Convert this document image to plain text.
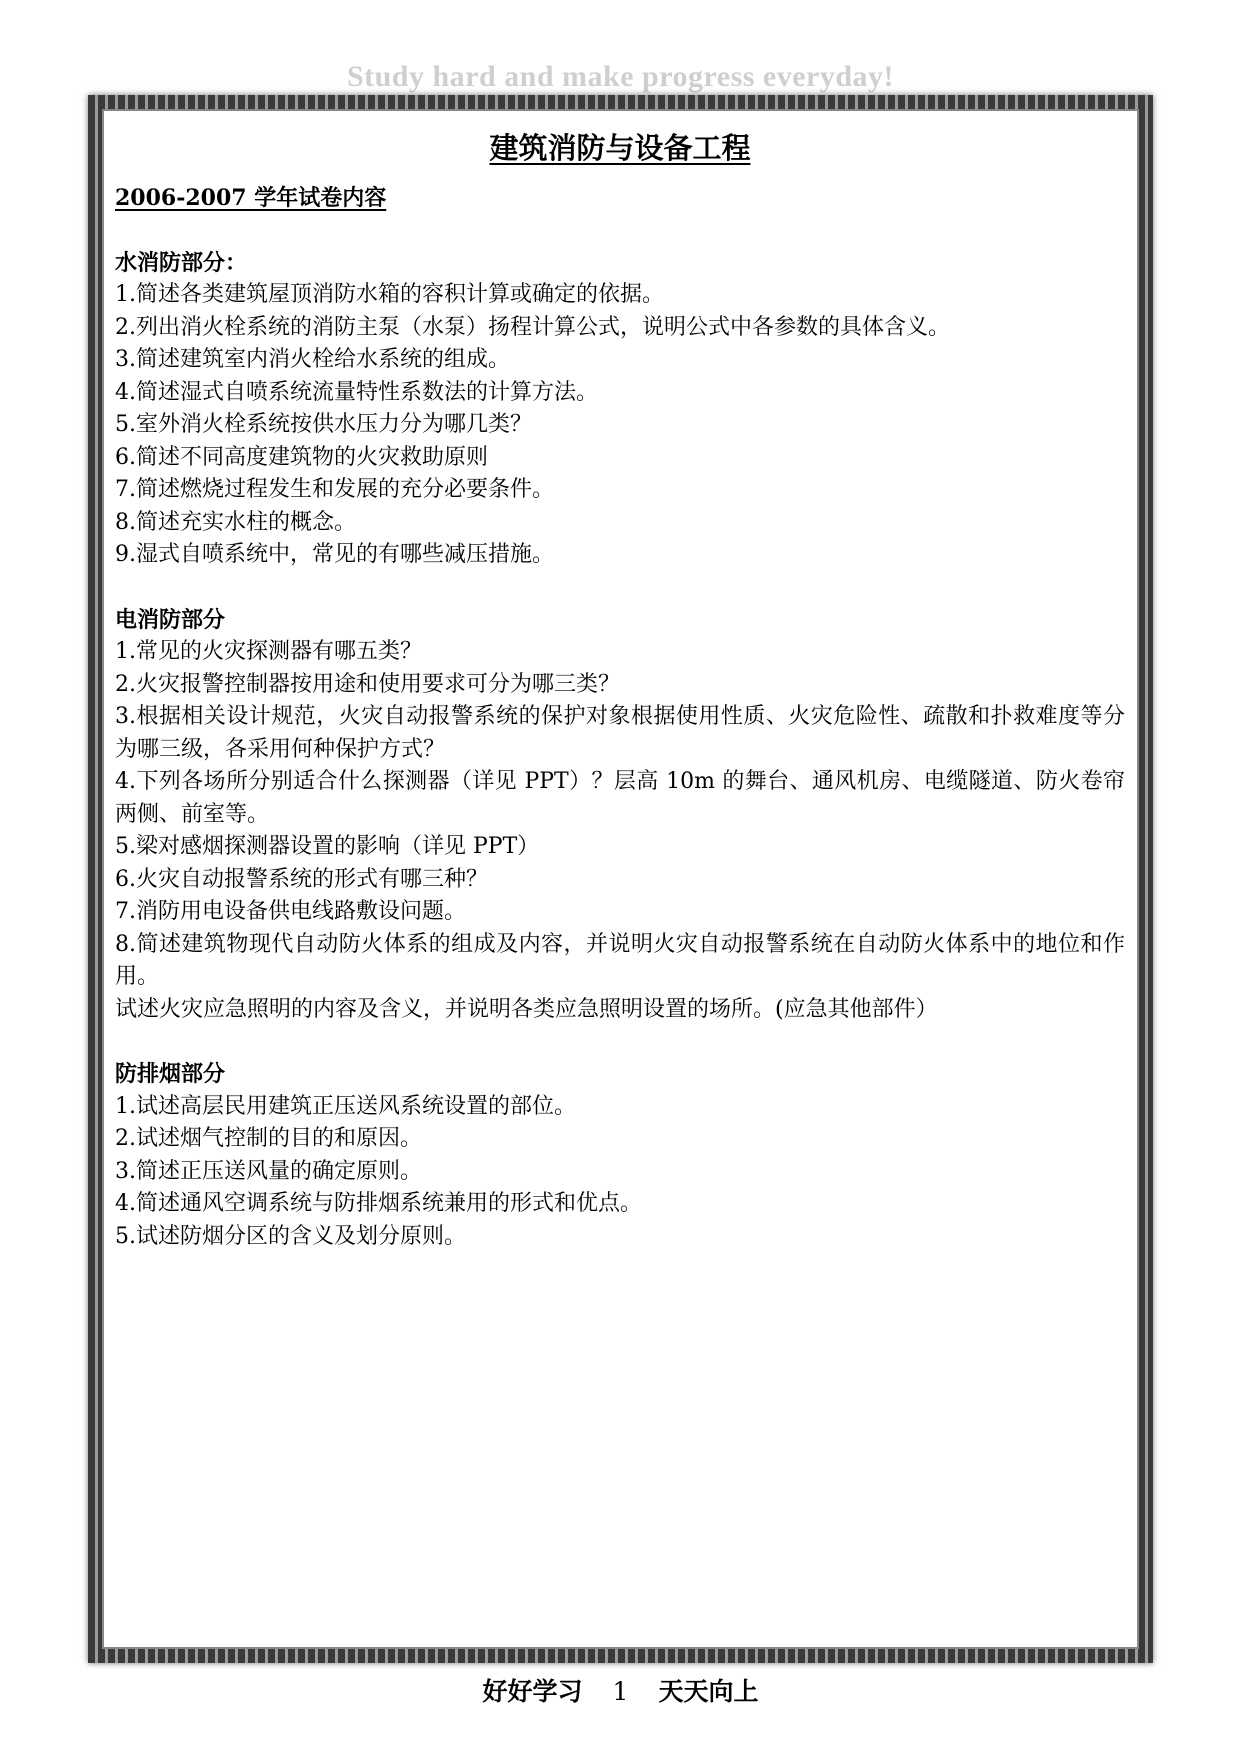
Study hard and make progress everyday!
建筑消防与设备工程
2006-2007 学年试卷内容
水消防部分：
1.简述各类建筑屋顶消防水箱的容积计算或确定的依据。
2.列出消火栓系统的消防主泵（水泵）扬程计算公式，说明公式中各参数的具体含义。
3.简述建筑室内消火栓给水系统的组成。
4.简述湿式自喷系统流量特性系数法的计算方法。
5.室外消火栓系统按供水压力分为哪几类？
6.简述不同高度建筑物的火灾救助原则
7.简述燃烧过程发生和发展的充分必要条件。
8.简述充实水柱的概念。
9.湿式自喷系统中，常见的有哪些减压措施。
电消防部分
1.常见的火灾探测器有哪五类？
2.火灾报警控制器按用途和使用要求可分为哪三类？
3.根据相关设计规范，火灾自动报警系统的保护对象根据使用性质、火灾危险性、疏散和扑救难度等分为哪三级，各采用何种保护方式？
4.下列各场所分别适合什么探测器（详见 PPT）？层高 10m 的舞台、通风机房、电缆隧道、防火卷帘两侧、前室等。
5.梁对感烟探测器设置的影响（详见 PPT）
6.火灾自动报警系统的形式有哪三种？
7.消防用电设备供电线路敷设问题。
8.简述建筑物现代自动防火体系的组成及内容，并说明火灾自动报警系统在自动防火体系中的地位和作用。
试述火灾应急照明的内容及含义，并说明各类应急照明设置的场所。(应急其他部件）
防排烟部分
1.试述高层民用建筑正压送风系统设置的部位。
2.试述烟气控制的目的和原因。
3.简述正压送风量的确定原则。
4.简述通风空调系统与防排烟系统兼用的形式和优点。
5.试述防烟分区的含义及划分原则。
好好学习 1 天天向上
